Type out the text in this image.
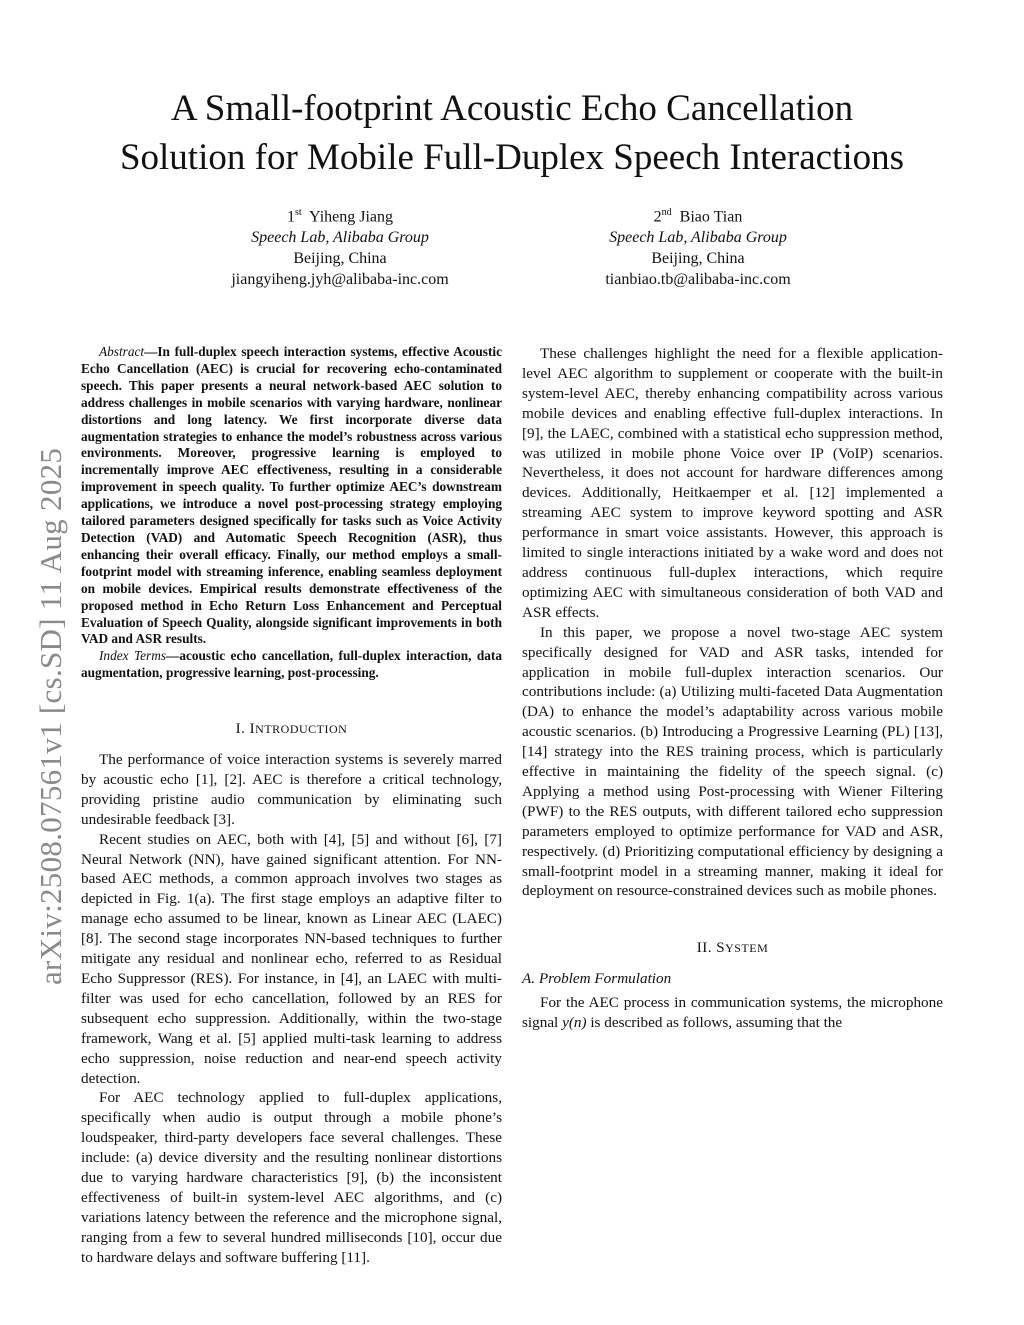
A Small-footprint Acoustic Echo Cancellation
Solution for Mobile Full-Duplex Speech Interactions
1st Yiheng Jiang
Speech Lab, Alibaba Group
Beijing, China
jiangyiheng.jyh@alibaba-inc.com
2nd Biao Tian
Speech Lab, Alibaba Group
Beijing, China
tianbiao.tb@alibaba-inc.com
arXiv:2508.07561v1 [cs.SD] 11 Aug 2025

Abstract—In full-duplex speech interaction systems, effective Acoustic Echo Cancellation (AEC) is crucial for recovering echo-contaminated speech. This paper presents a neural network-based AEC solution to address challenges in mobile scenarios with varying hardware, nonlinear distortions and long latency. We first incorporate diverse data augmentation strategies to enhance the model’s robustness across various environments. Moreover, progressive learning is employed to incrementally improve AEC effectiveness, resulting in a considerable improvement in speech quality. To further optimize AEC’s downstream applications, we introduce a novel post-processing strategy employing tailored parameters designed specifically for tasks such as Voice Activity Detection (VAD) and Automatic Speech Recognition (ASR), thus enhancing their overall efficacy. Finally, our method employs a small-footprint model with streaming inference, enabling seamless deployment on mobile devices. Empirical results demonstrate effectiveness of the proposed method in Echo Return Loss Enhancement and Perceptual Evaluation of Speech Quality, alongside significant improvements in both VAD and ASR results.

Index Terms—acoustic echo cancellation, full-duplex interaction, data augmentation, progressive learning, post-processing.

I. INTRODUCTION

The performance of voice interaction systems is severely marred by acoustic echo [1], [2]. AEC is therefore a critical technology, providing pristine audio communication by eliminating such undesirable feedback [3].

Recent studies on AEC, both with [4], [5] and without [6], [7] Neural Network (NN), have gained significant attention. For NN-based AEC methods, a common approach involves two stages as depicted in Fig. 1(a). The first stage employs an adaptive filter to manage echo assumed to be linear, known as Linear AEC (LAEC) [8]. The second stage incorporates NN-based techniques to further mitigate any residual and nonlinear echo, referred to as Residual Echo Suppressor (RES). For instance, in [4], an LAEC with multi-filter was used for echo cancellation, followed by an RES for subsequent echo suppression. Additionally, within the two-stage framework, Wang et al. [5] applied multi-task learning to address echo suppression, noise reduction and near-end speech activity detection.

For AEC technology applied to full-duplex applications, specifically when audio is output through a mobile phone’s loudspeaker, third-party developers face several challenges. These include: (a) device diversity and the resulting nonlinear distortions due to varying hardware characteristics [9], (b) the inconsistent effectiveness of built-in system-level AEC algorithms, and (c) variations latency between the reference and the microphone signal, ranging from a few to several hundred milliseconds [10], occur due to hardware delays and software buffering [11].

These challenges highlight the need for a flexible application-level AEC algorithm to supplement or cooperate with the built-in system-level AEC, thereby enhancing compatibility across various mobile devices and enabling effective full-duplex interactions. In [9], the LAEC, combined with a statistical echo suppression method, was utilized in mobile phone Voice over IP (VoIP) scenarios. Nevertheless, it does not account for hardware differences among devices. Additionally, Heitkaemper et al. [12] implemented a streaming AEC system to improve keyword spotting and ASR performance in smart voice assistants. However, this approach is limited to single interactions initiated by a wake word and does not address continuous full-duplex interactions, which require optimizing AEC with simultaneous consideration of both VAD and ASR effects.

In this paper, we propose a novel two-stage AEC system specifically designed for VAD and ASR tasks, intended for application in mobile full-duplex interaction scenarios. Our contributions include: (a) Utilizing multi-faceted Data Augmentation (DA) to enhance the model’s adaptability across various mobile acoustic scenarios. (b) Introducing a Progressive Learning (PL) [13], [14] strategy into the RES training process, which is particularly effective in maintaining the fidelity of the speech signal. (c) Applying a method using Post-processing with Wiener Filtering (PWF) to the RES outputs, with different tailored echo suppression parameters employed to optimize performance for VAD and ASR, respectively. (d) Prioritizing computational efficiency by designing a small-footprint model in a streaming manner, making it ideal for deployment on resource-constrained devices such as mobile phones.

II. SYSTEM
A. Problem Formulation

For the AEC process in communication systems, the microphone signal y(n) is described as follows, assuming that the
